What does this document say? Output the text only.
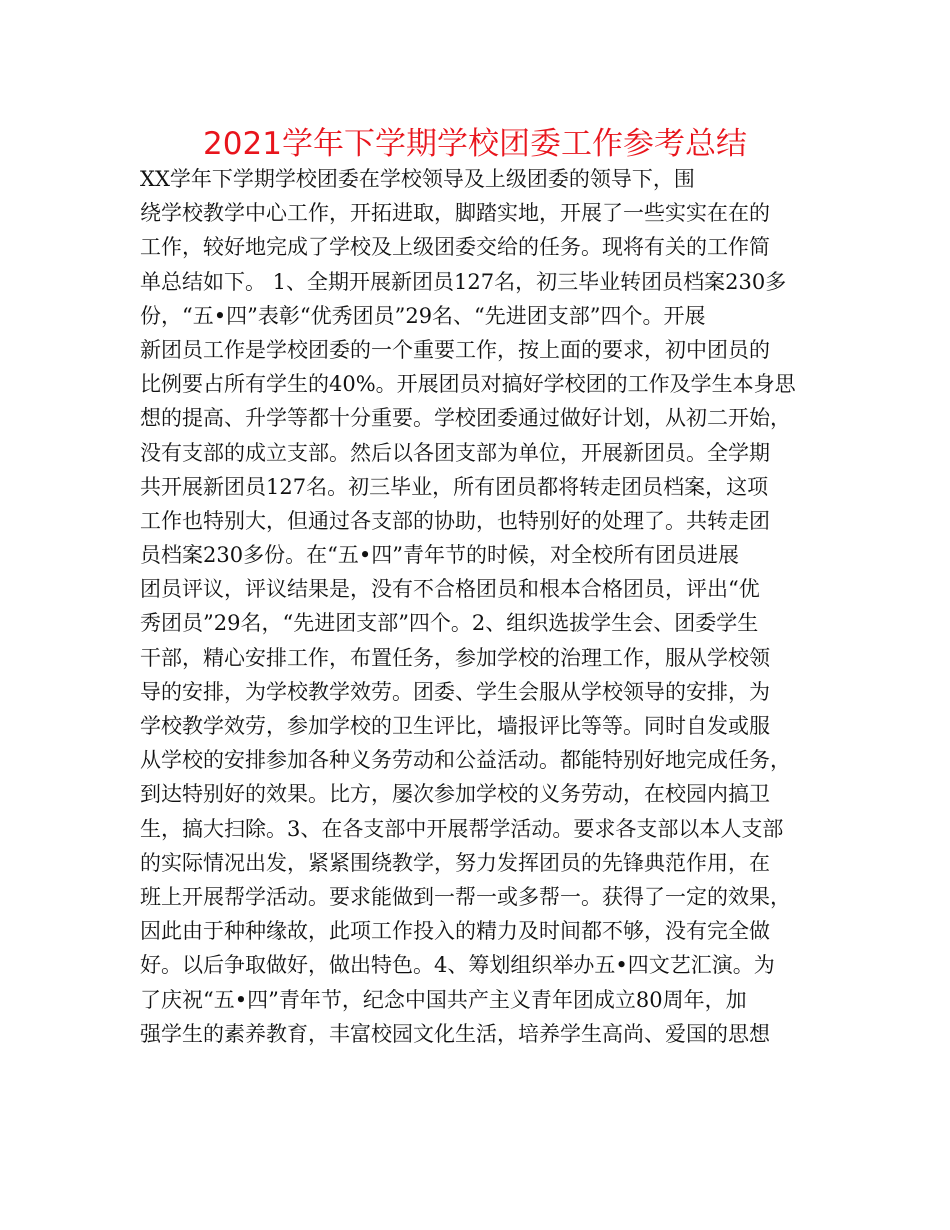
2021学年下学期学校团委工作参考总结
XX学年下学期学校团委在学校领导及上级团委的领导下，围
绕学校教学中心工作，开拓进取，脚踏实地，开展了一些实实在在的
工作，较好地完成了学校及上级团委交给的任务。现将有关的工作简
单总结如下。 1、全期开展新团员127名，初三毕业转团员档案230多
份，“五•四”表彰“优秀团员”29名、“先进团支部”四个。开展
新团员工作是学校团委的一个重要工作，按上面的要求，初中团员的
比例要占所有学生的40%。开展团员对搞好学校团的工作及学生本身思
想的提高、升学等都十分重要。学校团委通过做好计划，从初二开始，
没有支部的成立支部。然后以各团支部为单位，开展新团员。全学期
共开展新团员127名。初三毕业，所有团员都将转走团员档案，这项
工作也特别大，但通过各支部的协助，也特别好的处理了。共转走团
员档案230多份。在“五•四”青年节的时候，对全校所有团员进展
团员评议，评议结果是，没有不合格团员和根本合格团员，评出“优
秀团员”29名，“先进团支部”四个。2、组织选拔学生会、团委学生
干部，精心安排工作，布置任务，参加学校的治理工作，服从学校领
导的安排，为学校教学效劳。团委、学生会服从学校领导的安排，为
学校教学效劳，参加学校的卫生评比，墙报评比等等。同时自发或服
从学校的安排参加各种义务劳动和公益活动。都能特别好地完成任务，
到达特别好的效果。比方，屡次参加学校的义务劳动，在校园内搞卫
生，搞大扫除。3、在各支部中开展帮学活动。要求各支部以本人支部
的实际情况出发，紧紧围绕教学，努力发挥团员的先锋典范作用，在
班上开展帮学活动。要求能做到一帮一或多帮一。获得了一定的效果，
因此由于种种缘故，此项工作投入的精力及时间都不够，没有完全做
好。以后争取做好，做出特色。4、筹划组织举办五•四文艺汇演。为
了庆祝“五•四”青年节，纪念中国共产主义青年团成立80周年，加
强学生的素养教育，丰富校园文化生活，培养学生高尚、爱国的思想
